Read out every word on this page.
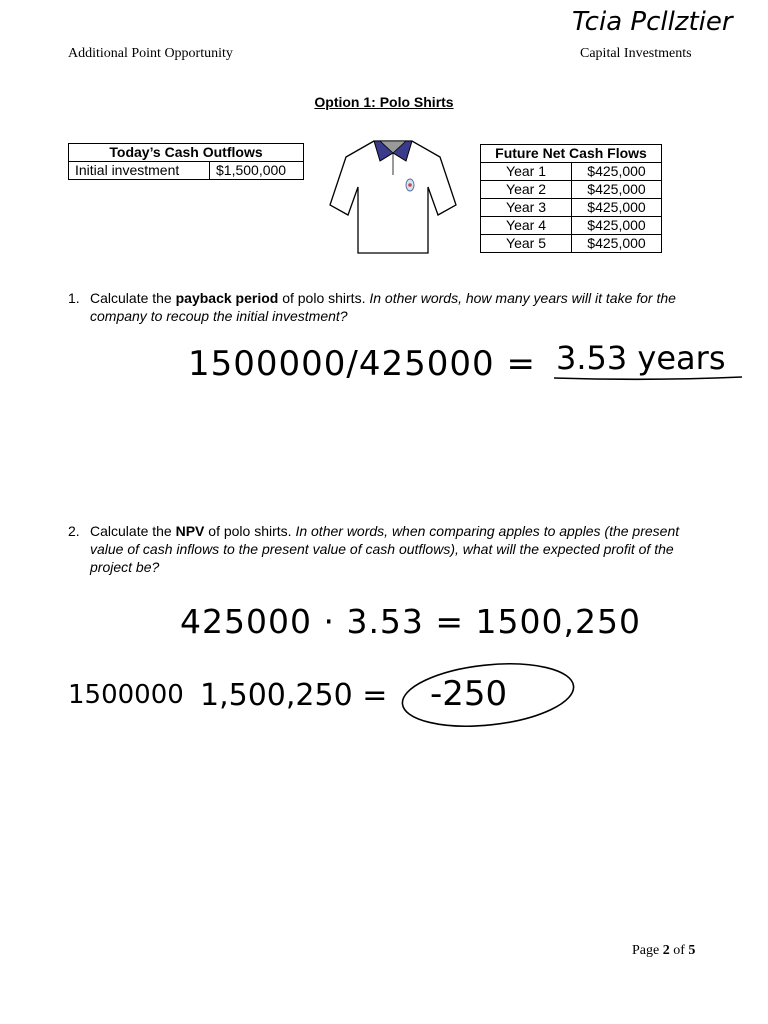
Additional Point Opportunity	Capital Investments
Tcia Pcllztier
Option 1: Polo Shirts
Today’s Cash Outflows
Initial investment	$1,500,000
Future Net Cash Flows	
Year 1	$425,000
Year 2	$425,000
Year 3	$425,000
Year 4	$425,000
Year 5	$425,000
1. Calculate the payback period of polo shirts. In other words, how many years will it take for the company to recoup the initial investment?
1500000/425000 = 3.53 years
2. Calculate the NPV of polo shirts. In other words, when comparing apples to apples (the present value of cash inflows to the present value of cash outflows), what will the expected profit of the project be?
425000 · 3.53 = 1500,250
1500000 1,500,250 = -250
Page 2 of 5
